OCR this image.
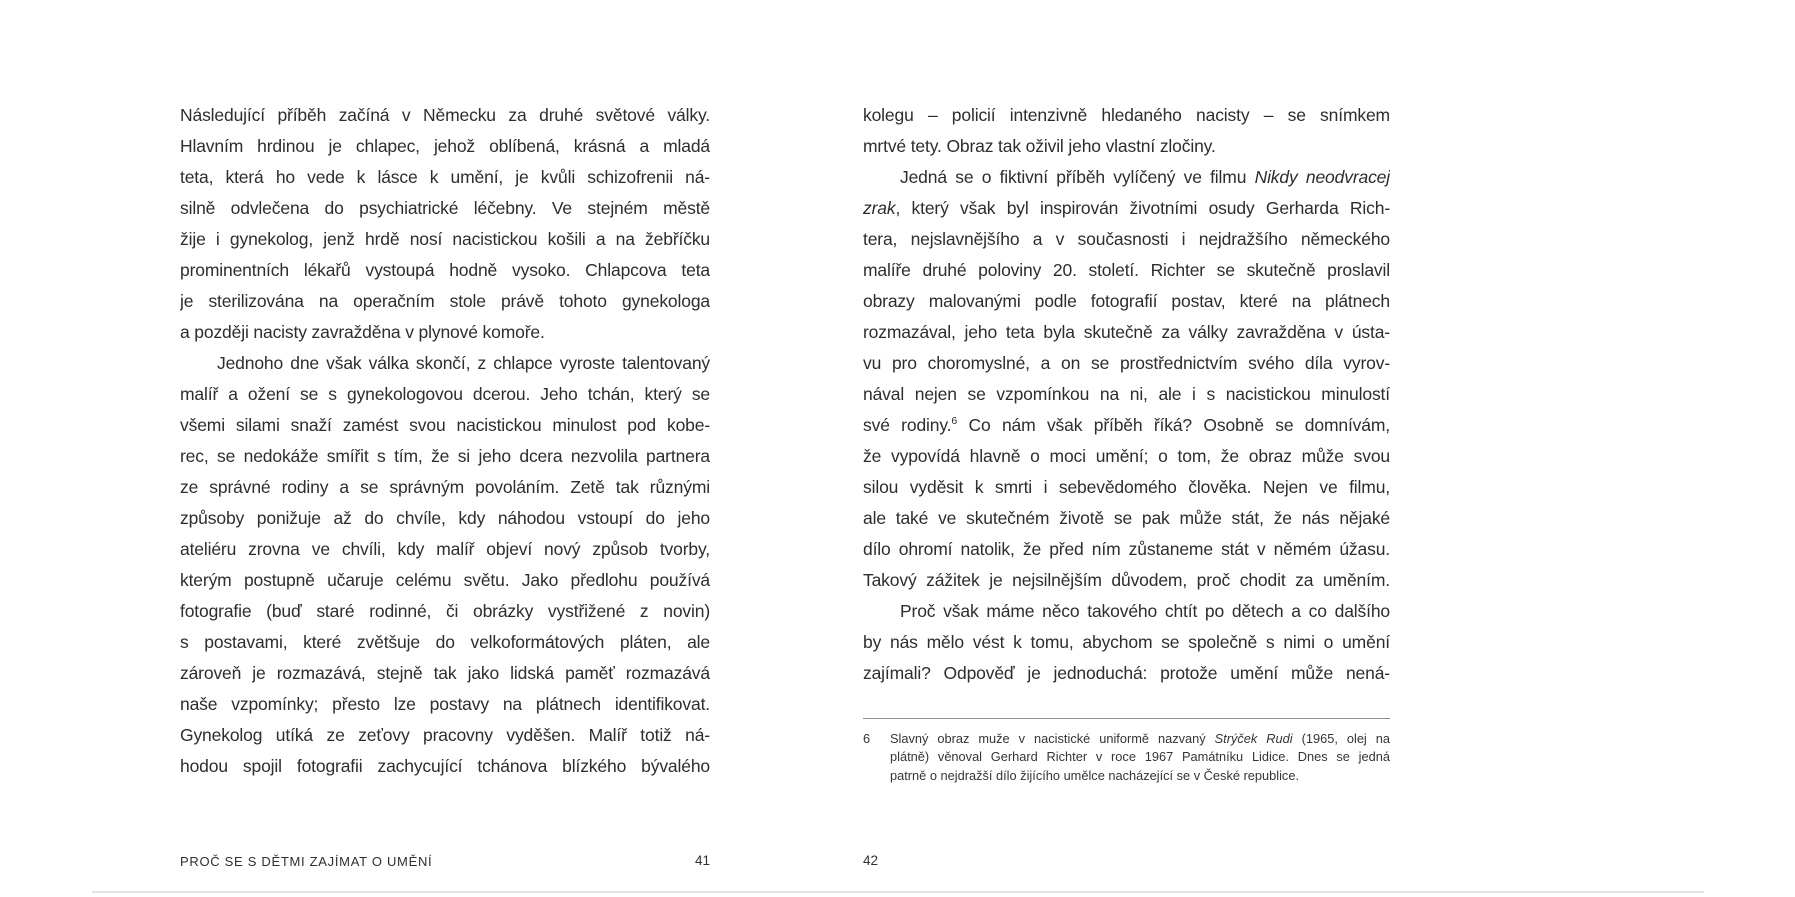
Následující příběh začíná v Německu za druhé světové války.
Hlavním hrdinou je chlapec, jehož oblíbená, krásná a mladá
teta, která ho vede k lásce k umění, je kvůli schizofrenii ná-
silně odvlečena do psychiatrické léčebny. Ve stejném městě
žije i gynekolog, jenž hrdě nosí nacistickou košili a na žebříčku
prominentních lékařů vystoupá hodně vysoko. Chlapcova teta
je sterilizována na operačním stole právě tohoto gynekologa
a později nacisty zavražděna v plynové komoře.
Jednoho dne však válka skončí, z chlapce vyroste talentovaný
malíř a ožení se s gynekologovou dcerou. Jeho tchán, který se
všemi silami snaží zamést svou nacistickou minulost pod kobe-
rec, se nedokáže smířit s tím, že si jeho dcera nezvolila partnera
ze správné rodiny a se správným povoláním. Zetě tak různými
způsoby ponižuje až do chvíle, kdy náhodou vstoupí do jeho
ateliéru zrovna ve chvíli, kdy malíř objeví nový způsob tvorby,
kterým postupně učaruje celému světu. Jako předlohu používá
fotografie (buď staré rodinné, či obrázky vystřižené z novin)
s postavami, které zvětšuje do velkoformátových pláten, ale
zároveň je rozmazává, stejně tak jako lidská paměť rozmazává
naše vzpomínky; přesto lze postavy na plátnech identifikovat.
Gynekolog utíká ze zeťovy pracovny vyděšen. Malíř totiž ná-
hodou spojil fotografii zachycující tchánova blízkého bývalého
kolegu – policií intenzivně hledaného nacisty – se snímkem
mrtvé tety. Obraz tak oživil jeho vlastní zločiny.
Jedná se o fiktivní příběh vylíčený ve filmu Nikdy neodvracej
zrak, který však byl inspirován životními osudy Gerharda Rich-
tera, nejslavnějšího a v současnosti i nejdražšího německého
malíře druhé poloviny 20. století. Richter se skutečně proslavil
obrazy malovanými podle fotografií postav, které na plátnech
rozmazával, jeho teta byla skutečně za války zavražděna v ústa-
vu pro choromyslné, a on se prostřednictvím svého díla vyrov-
nával nejen se vzpomínkou na ni, ale i s nacistickou minulostí
své rodiny.$^6$ Co nám však příběh říká? Osobně se domnívám,
že vypovídá hlavně o moci umění; o tom, že obraz může svou
silou vyděsit k smrti i sebevědomého člověka. Nejen ve filmu,
ale také ve skutečném životě se pak může stát, že nás nějaké
dílo ohromí natolik, že před ním zůstaneme stát v němém úžasu.
Takový zážitek je nejsilnějším důvodem, proč chodit za uměním.
Proč však máme něco takového chtít po dětech a co dalšího
by nás mělo vést k tomu, abychom se společně s nimi o umění
zajímali? Odpověď je jednoduchá: protože umění může nená-
6	Slavný obraz muže v nacistické uniformě nazvaný Strýček Rudi (1965, olej na
plátně) věnoval Gerhard Richter v roce 1967 Památníku Lidice. Dnes se jedná
patrně o nejdražší dílo žijícího umělce nacházející se v České republice.
PROČ SE S DĚTMI ZAJÍMAT O UMĚNÍ	41	42
